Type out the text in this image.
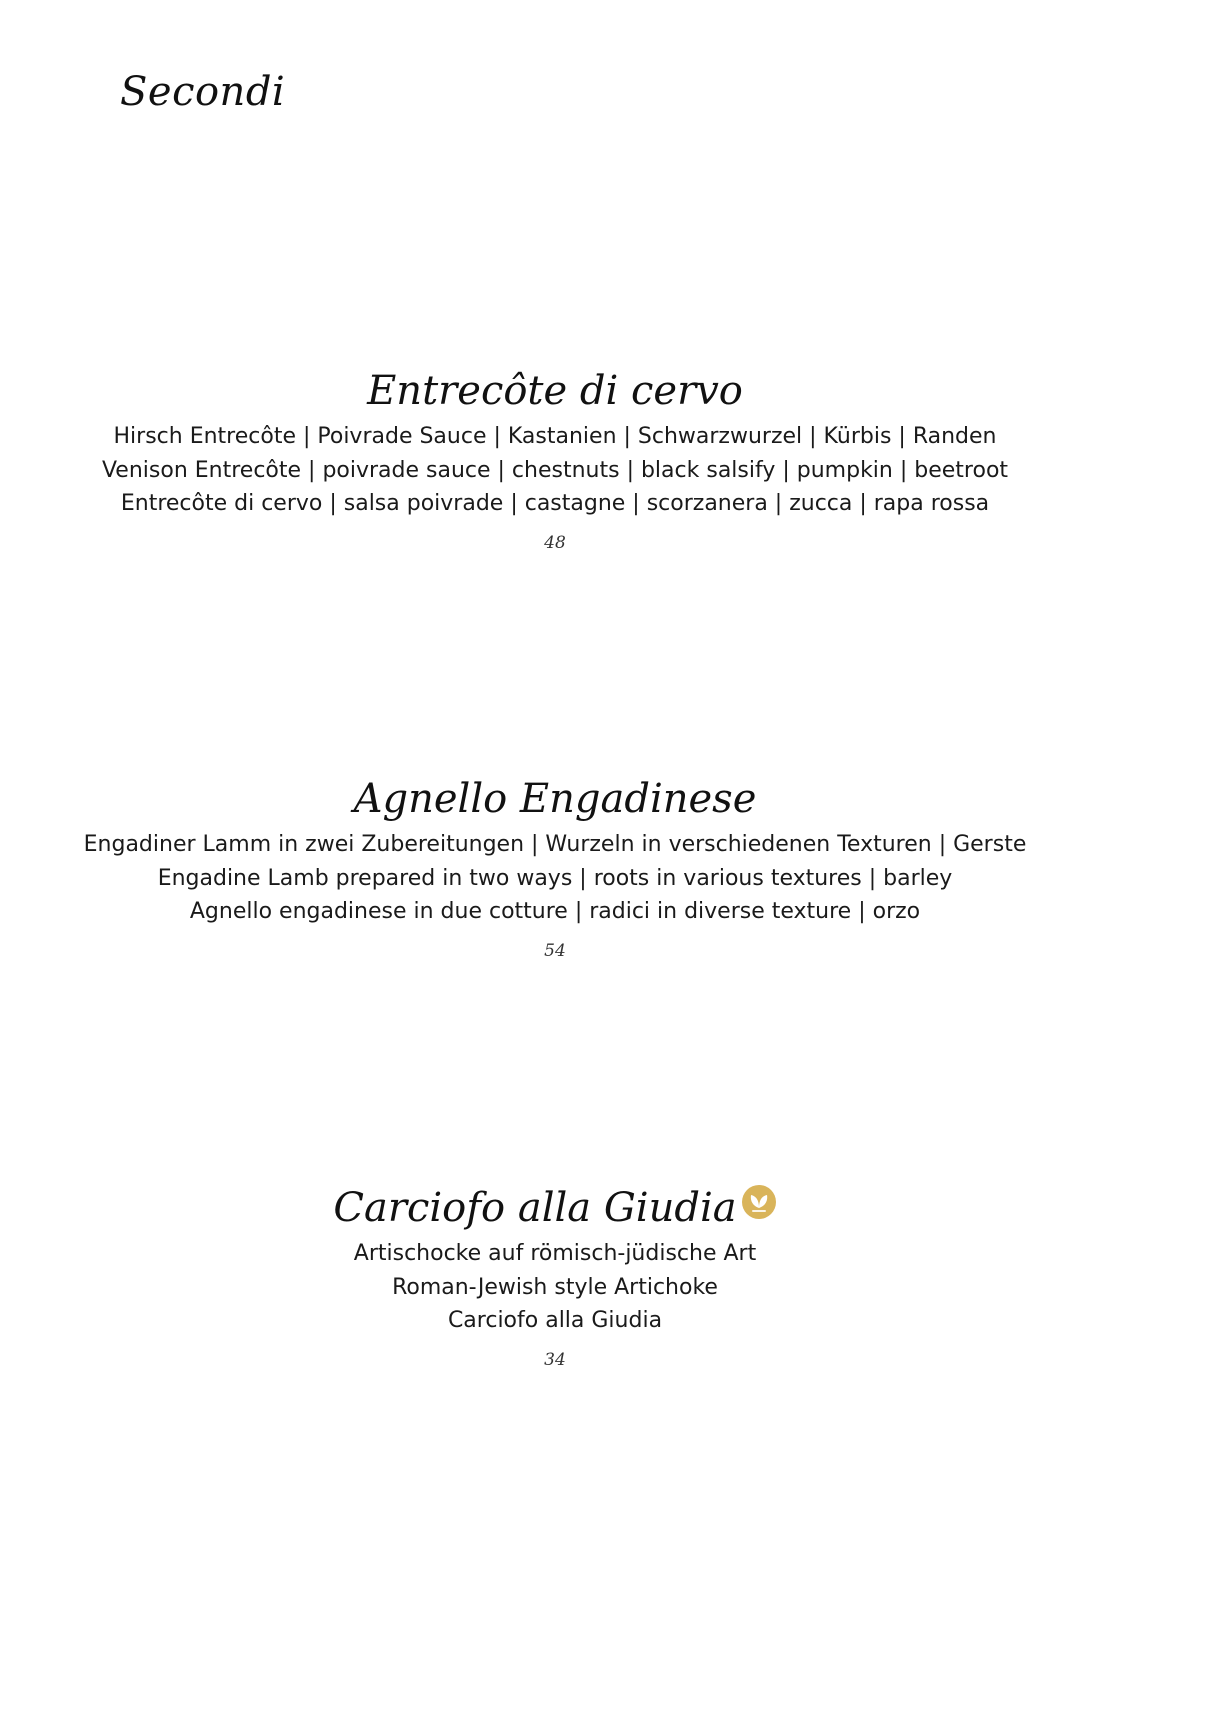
Secondi
Entrecôte di cervo

Hirsch Entrecôte | Poivrade Sauce | Kastanien | Schwarzwurzel | Kürbis | Randen

Venison Entrecôte | poivrade sauce | chestnuts | black salsify | pumpkin | beetroot

Entrecôte di cervo | salsa poivrade | castagne | scorzanera | zucca | rapa rossa

48
Agnello Engadinese

Engadiner Lamm in zwei Zubereitungen | Wurzeln in verschiedenen Texturen | Gerste

Engadine Lamb prepared in two ways | roots in various textures | barley

Agnello engadinese in due cotture | radici in diverse texture | orzo

54
Carciofo alla Giudia

Artischocke auf römisch-jüdische Art

Roman-Jewish style Artichoke

Carciofo alla Giudia

34
